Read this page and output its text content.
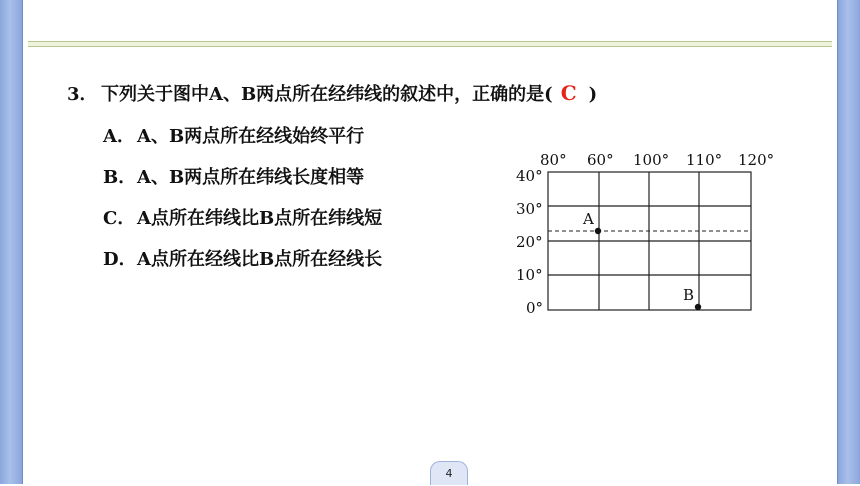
3． 下列关于图中A、B两点所在经纬线的叙述中，正确的是( C )
A． A、B两点所在经线始终平行
B．A、B两点所在纬线长度相等
C．A点所在纬线比B点所在纬线短
D．A点所在经线比B点所在经线长
80° 60° 100° 110° 120°
40°
30°
20°
10°
0°
A
B
4
